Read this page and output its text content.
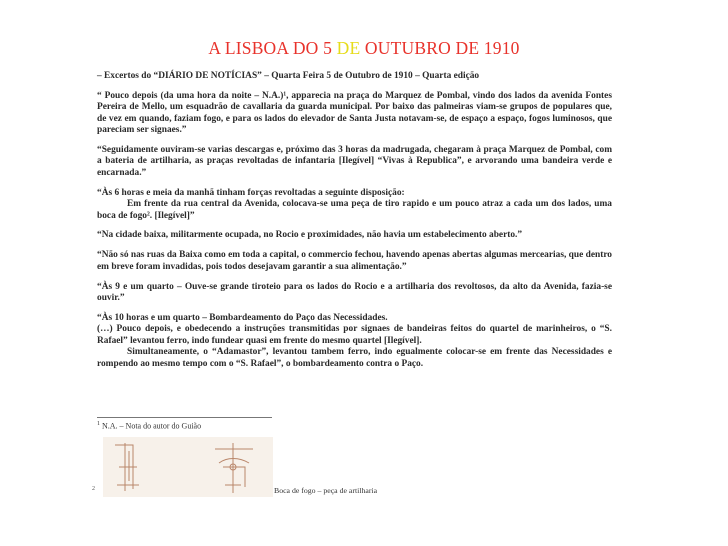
A LISBOA DO 5 DE OUTUBRO DE 1910

– Excertos do “DIÁRIO DE NOTÍCIAS” – Quarta Feira 5 de Outubro de 1910 – Quarta edição

“ Pouco depois (da uma hora da noite – N.A.)¹, apparecia na praça do Marquez de Pombal, vindo dos lados da avenida Fontes Pereira de Mello, um esquadrão de cavallaria da guarda municipal. Por baixo das palmeiras viam-se grupos de populares que, de vez em quando, faziam fogo, e para os lados do elevador de Santa Justa notavam-se, de espaço a espaço, fogos luminosos, que pareciam ser signaes.”

“Seguidamente ouviram-se varias descargas e, próximo das 3 horas da madrugada, chegaram à praça Marquez de Pombal, com a bateria de artilharia, as praças revoltadas de infantaria [Ilegível] “Vivas à Republica”, e arvorando uma bandeira verde e encarnada.”

“Às 6 horas e meia da manhã tinham forças revoltadas a seguinte disposição:

Em frente da rua central da Avenida, colocava-se uma peça de tiro rapido e um pouco atraz a cada um dos lados, uma boca de fogo². [Ilegível]”

“Na cidade baixa, militarmente ocupada, no Rocio e proximidades, não havia um estabelecimento aberto.”

“Não só nas ruas da Baixa como em toda a capital, o commercio fechou, havendo apenas abertas algumas mercearias, que dentro em breve foram invadidas, pois todos desejavam garantir a sua alimentação.”

“Às 9 e um quarto – Ouve-se grande tiroteio para os lados do Rocio e a artilharia dos revoltosos, da alto da Avenida, fazia-se ouvir.”

“Às 10 horas e um quarto – Bombardeamento do Paço das Necessidades.

(…) Pouco depois, e obedecendo a instruções transmitidas por signaes de bandeiras feitos do quartel de marinheiros, o “S. Rafael” levantou ferro, indo fundear quasi em frente do mesmo quartel [Ilegível].

Simultaneamente, o “Adamastor”, levantou tambem ferro, indo egualmente colocar-se em frente das Necessidades e rompendo ao mesmo tempo com o “S. Rafael”, o bombardeamento contra o Paço.

$^1$ N.A. – Nota do autor do Guião
2	Boca de fogo – peça de artilharia
